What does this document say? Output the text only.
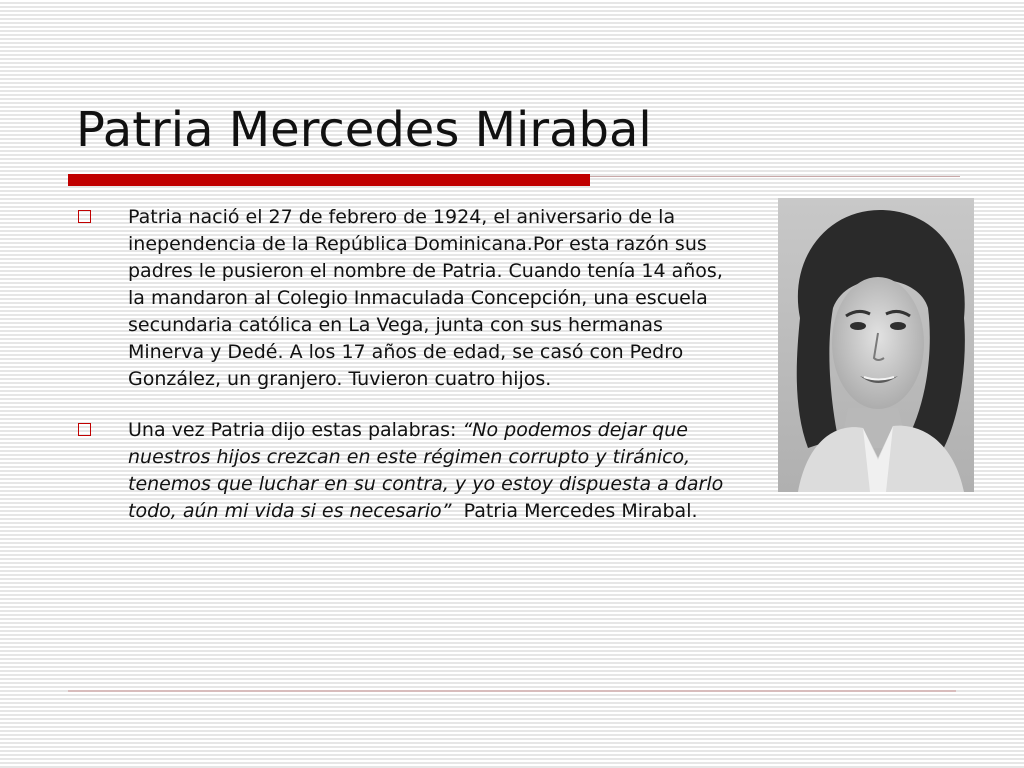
Patria Mercedes Mirabal

Patria nació el 27 de febrero de 1924, el aniversario de la inependencia de la República Dominicana.Por esta razón sus padres le pusieron el nombre de Patria. Cuando tenía 14 años, la mandaron al Colegio Inmaculada Concepción, una escuela secundaria católica en La Vega, junta con sus hermanas Minerva y Dedé. A los 17 años de edad, se casó con Pedro González, un granjero. Tuvieron cuatro hijos.

Una vez Patria dijo estas palabras: “No podemos dejar que nuestros hijos crezcan en este régimen corrupto y tiránico, tenemos que luchar en su contra, y yo estoy dispuesta a darlo todo, aún mi vida si es necesario”  Patria Mercedes Mirabal.
